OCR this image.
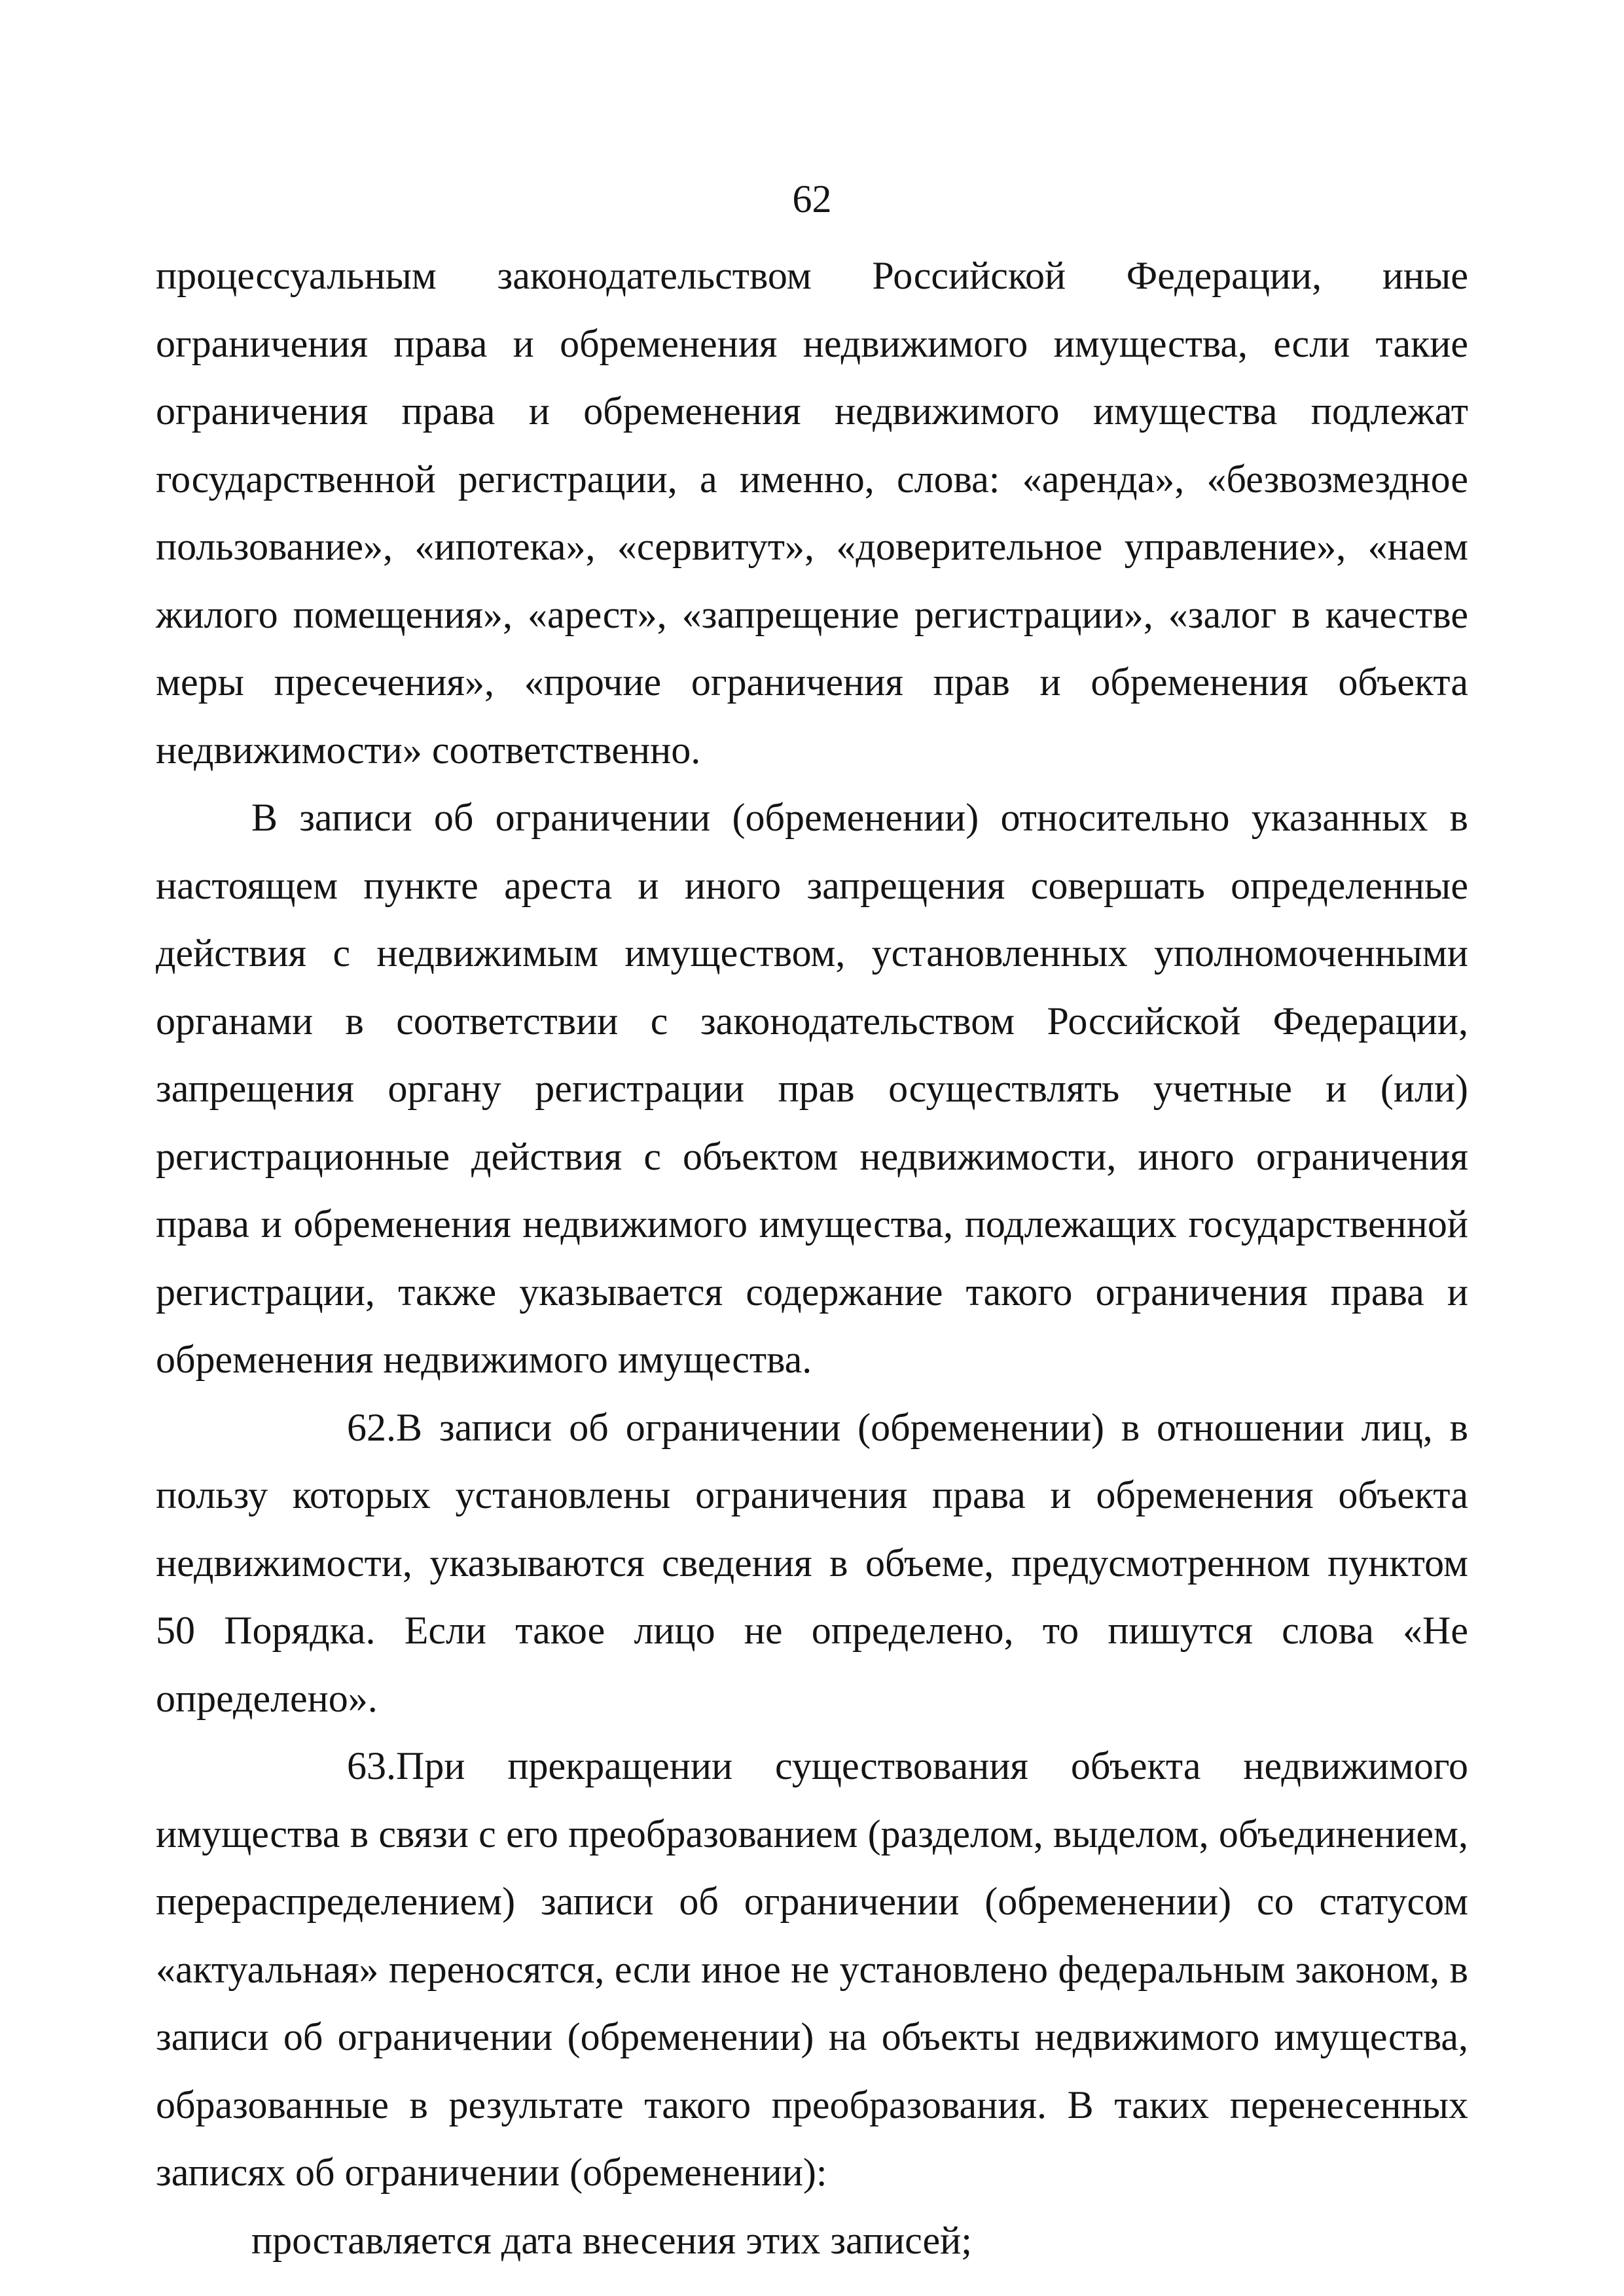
62

процессуальным законодательством Российской Федерации, иные ограничения права и обременения недвижимого имущества, если такие ограничения права и обременения недвижимого имущества подлежат государственной регистрации, а именно, слова: «аренда», «безвозмездное пользование», «ипотека», «сервитут», «доверительное управление», «наем жилого помещения», «арест», «запрещение регистрации», «залог в качестве меры пресечения», «прочие ограничения прав и обременения объекта недвижимости» соответственно.

В записи об ограничении (обременении) относительно указанных в настоящем пункте ареста и иного запрещения совершать определенные действия с недвижимым имуществом, установленных уполномоченными органами в соответствии с законодательством Российской Федерации, запрещения органу регистрации прав осуществлять учетные и (или) регистрационные действия с объектом недвижимости, иного ограничения права и обременения недвижимого имущества, подлежащих государственной регистрации, также указывается содержание такого ограничения права и обременения недвижимого имущества.

62.В записи об ограничении (обременении) в отношении лиц, в пользу которых установлены ограничения права и обременения объекта недвижимости, указываются сведения в объеме, предусмотренном пунктом 50 Порядка. Если такое лицо не определено, то пишутся слова «Не определено».

63.При прекращении существования объекта недвижимого имущества в связи с его преобразованием (разделом, выделом, объединением, перераспределением) записи об ограничении (обременении) со статусом «актуальная» переносятся, если иное не установлено федеральным законом, в записи об ограничении (обременении) на объекты недвижимого имущества, образованные в результате такого преобразования. В таких перенесенных записях об ограничении (обременении):

проставляется дата внесения этих записей;
